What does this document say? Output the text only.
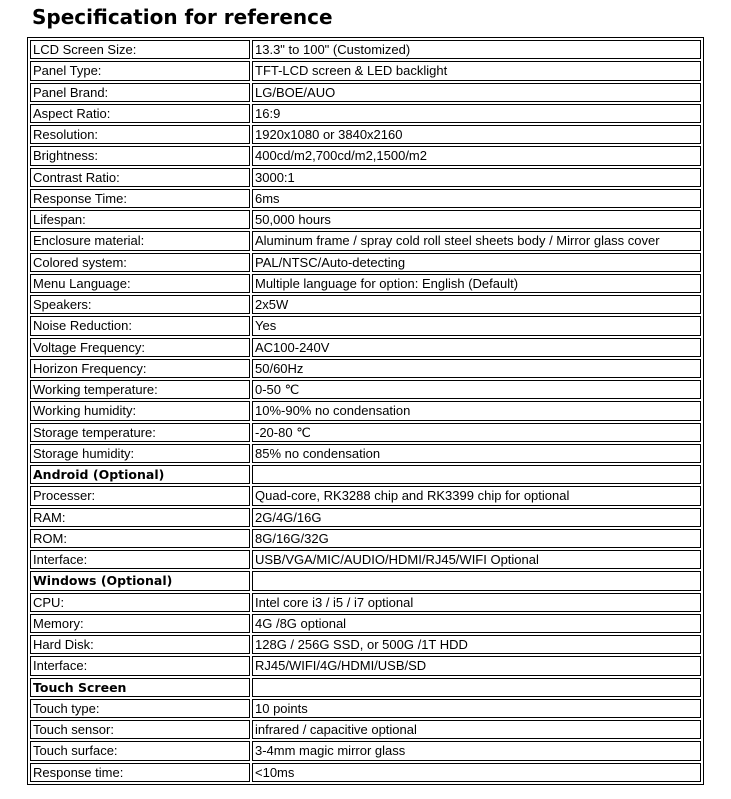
Specification for reference
LCD Screen Size:	13.3" to 100" (Customized)
Panel Type:	TFT-LCD screen & LED backlight
Panel Brand:	LG/BOE/AUO
Aspect Ratio:	16:9
Resolution:	1920x1080 or 3840x2160
Brightness:	400cd/m2,700cd/m2,1500/m2
Contrast Ratio:	3000:1
Response Time:	6ms
Lifespan:	50,000 hours
Enclosure material:	Aluminum frame / spray cold roll steel sheets body / Mirror glass cover
Colored system:	PAL/NTSC/Auto-detecting
Menu Language:	Multiple language for option: English (Default)
Speakers:	2x5W
Noise Reduction:	Yes
Voltage Frequency:	AC100-240V
Horizon Frequency:	50/60Hz
Working temperature:	0-50 ℃
Working humidity:	10%-90% no condensation
Storage temperature:	-20-80 ℃
Storage humidity:	85% no condensation
Android (Optional)	
Processer:	Quad-core, RK3288 chip and RK3399 chip for optional
RAM:	2G/4G/16G
ROM:	8G/16G/32G
Interface:	USB/VGA/MIC/AUDIO/HDMI/RJ45/WIFI Optional
Windows (Optional)	
CPU:	Intel core i3 / i5 / i7 optional
Memory:	4G /8G optional
Hard Disk:	128G / 256G SSD, or 500G /1T HDD
Interface:	RJ45/WIFI/4G/HDMI/USB/SD
Touch Screen	
Touch type:	10 points
Touch sensor:	infrared / capacitive optional
Touch surface:	3-4mm magic mirror glass
Response time:	<10ms
